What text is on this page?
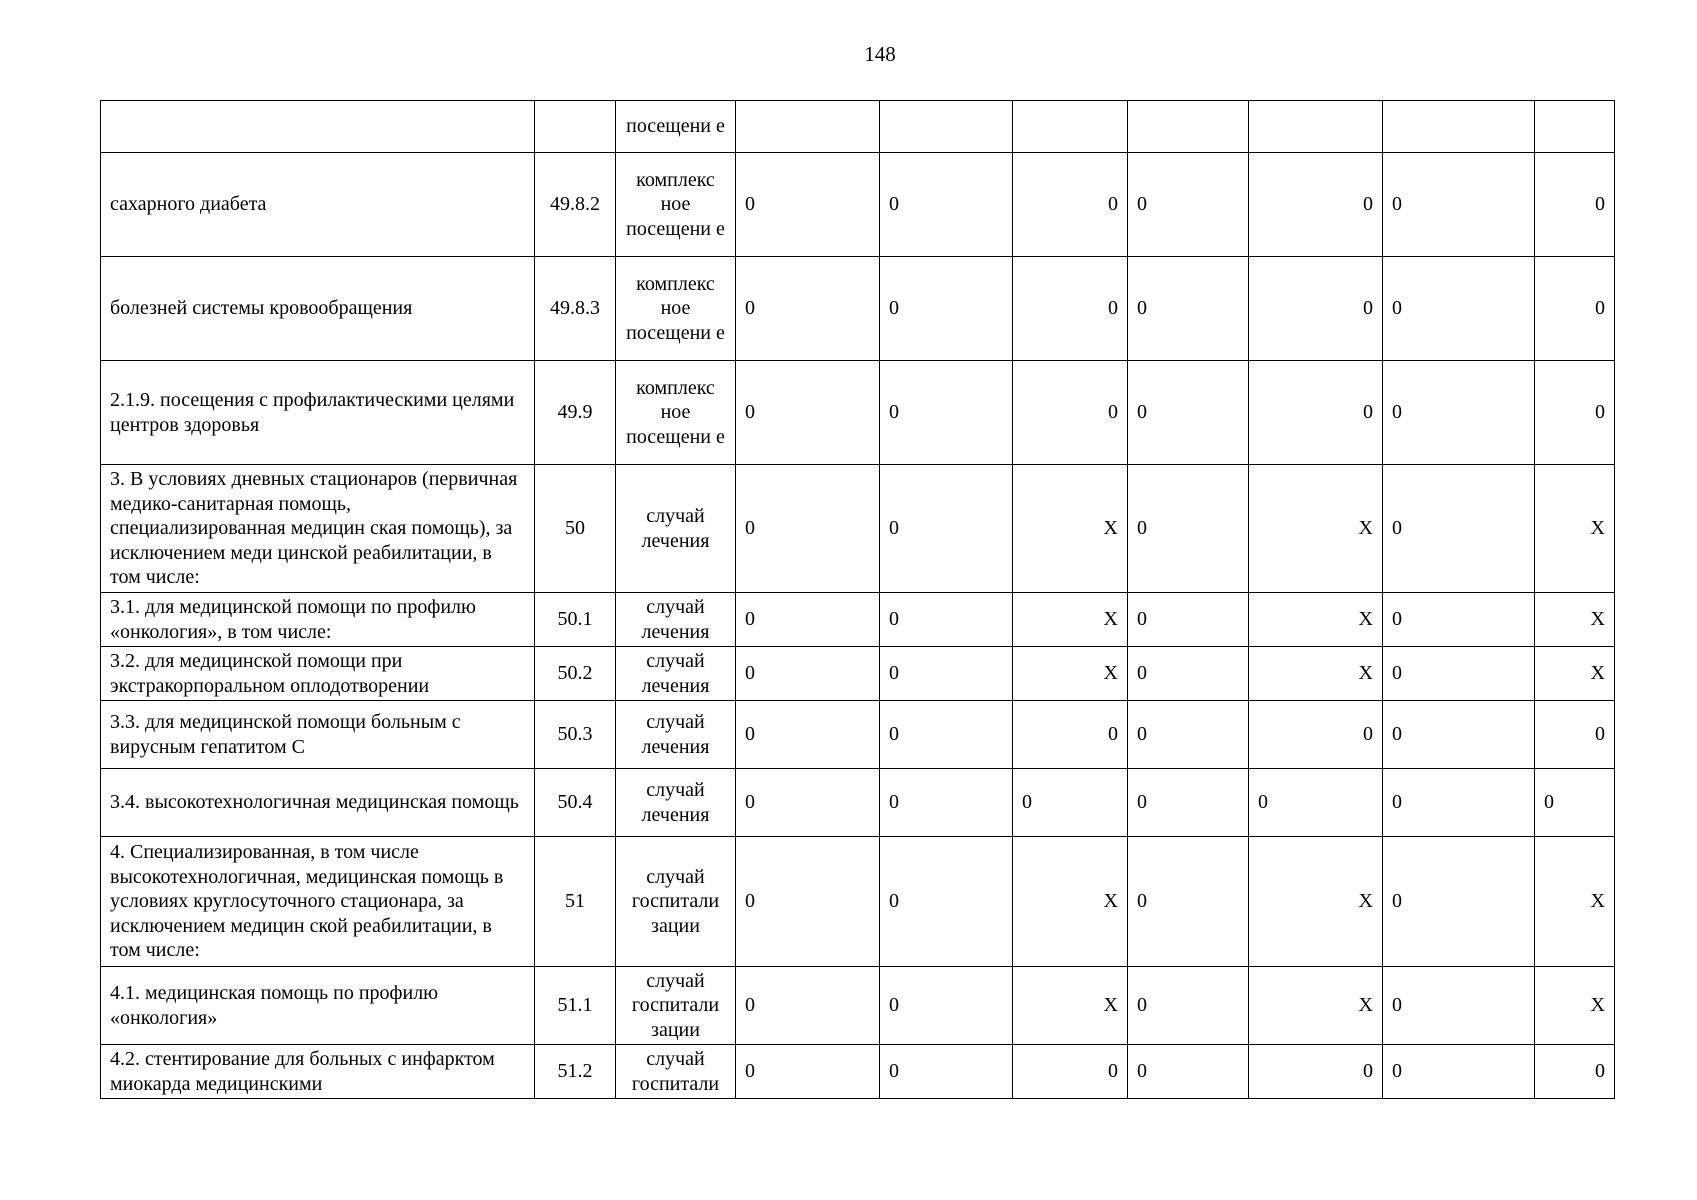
148
		посещени е							
сахарного диабета	49.8.2	комплекс ное посещени е	0	0	0	0	0	0	0
болезней системы кровообращения	49.8.3	комплекс ное посещени е	0	0	0	0	0	0	0
2.1.9. посещения с профилактическими целями центров здоровья	49.9	комплекс ное посещени е	0	0	0	0	0	0	0
3. В условиях дневных стационаров (первичная медико-санитарная помощь, специализированная медицин ская помощь), за исключением меди цинской реабилитации, в том числе:	50	случай лечения	0	0	Х	0	Х	0	Х
3.1. для медицинской помощи по профилю «онкология», в том числе:	50.1	случай лечения	0	0	Х	0	Х	0	Х
3.2. для медицинской помощи при экстракорпоральном оплодотворении	50.2	случай лечения	0	0	Х	0	Х	0	Х
3.3. для медицинской помощи больным с вирусным гепатитом С	50.3	случай лечения	0	0	0	0	0	0	0
3.4. высокотехнологичная медицинская помощь	50.4	случай лечения	0	0	0	0	0	0	0
4. Специализированная, в том числе высокотехнологичная, медицинская помощь в условиях круглосуточного стационара, за исключением медицин ской реабилитации, в том числе:	51	случай госпитали зации	0	0	Х	0	Х	0	Х
4.1. медицинская помощь по профилю «онкология»	51.1	случай госпитали зации	0	0	Х	0	Х	0	Х
4.2. стентирование для больных с инфарктом миокарда медицинскими	51.2	случай госпитали	0	0	0	0	0	0	0
